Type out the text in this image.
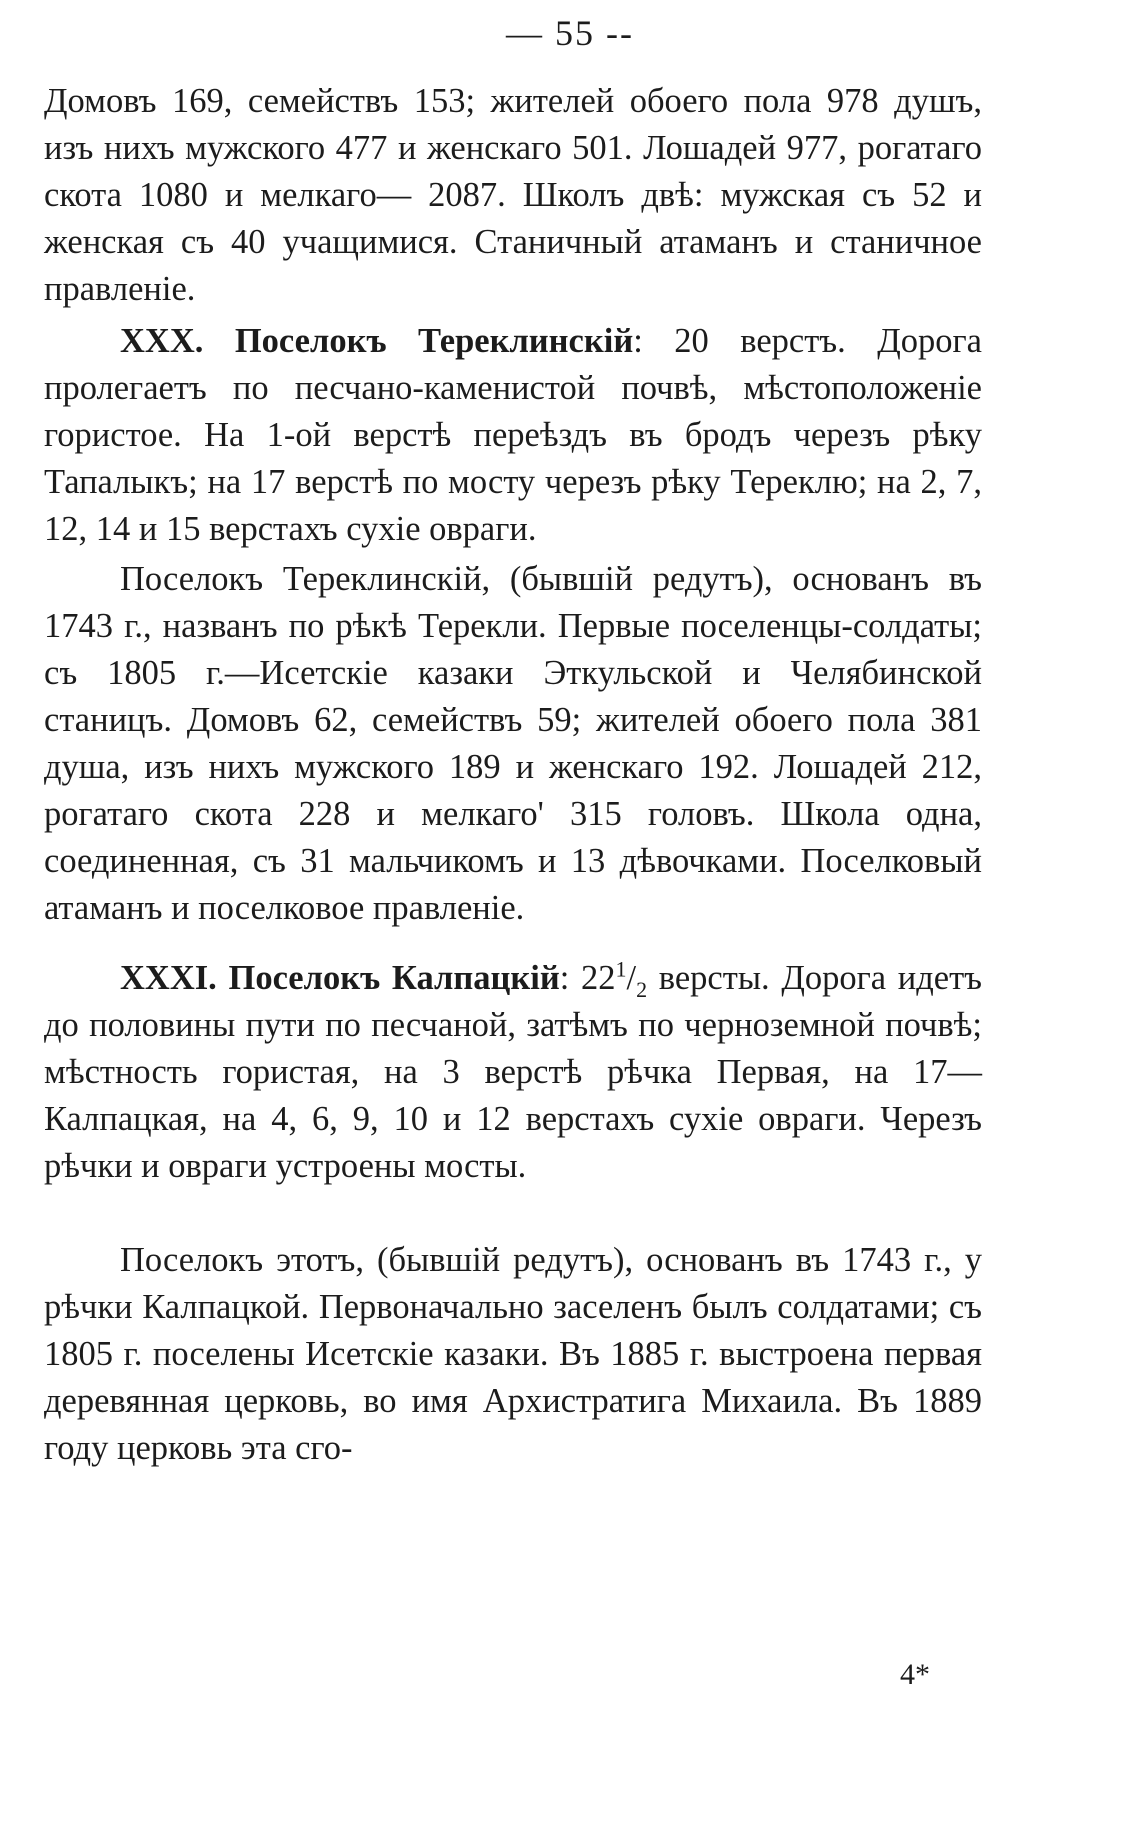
— 55 --

Домовъ 169, семействъ 153; жителей обоего пола 978 душъ, изъ нихъ мужского 477 и женскаго 501. Лошадей 977, рогатаго скота 1080 и мелкаго— 2087. Школъ двѣ: мужская съ 52 и женская съ 40 учащимися. Станичный атаманъ и станичное правленіе.

XXX. Поселокъ Тереклинскій: 20 верстъ. Дорога пролегаетъ по песчано-каменистой почвѣ, мѣстоположеніе гористое. На 1-ой верстѣ переѣздъ въ бродъ черезъ рѣку Тапалыкъ; на 17 верстѣ по мосту черезъ рѣку Тереклю; на 2, 7, 12, 14 и 15 верстахъ сухіе овраги.

Поселокъ Тереклинскій, (бывшій редутъ), основанъ въ 1743 г., названъ по рѣкѣ Терекли. Первые поселенцы-солдаты; съ 1805 г.—Исетскіе казаки Эткульской и Челябинской станицъ. Домовъ 62, семействъ 59; жителей обоего пола 381 душа, изъ нихъ мужского 189 и женскаго 192. Лошадей 212, рогатаго скота 228 и мелкаго' 315 головъ. Школа одна, соединенная, съ 31 мальчикомъ и 13 дѣвочками. Поселковый атаманъ и поселковое правленіе.

XXXI. Поселокъ Калпацкій: $22^1/_2$ версты. Дорога идетъ до половины пути по песчаной, затѣмъ по черноземной почвѣ; мѣстность гористая, на 3 верстѣ рѣчка Первая, на 17—Калпацкая, на 4, 6, 9, 10 и 12 верстахъ сухіе овраги. Черезъ рѣчки и овраги устроены мосты.

Поселокъ этотъ, (бывшій редутъ), основанъ въ 1743 г., у рѣчки Калпацкой. Первоначально заселенъ былъ солдатами; съ 1805 г. поселены Исетскіе казаки. Въ 1885 г. выстроена первая деревянная церковь, во имя Архистратига Михаила. Въ 1889 году церковь эта сго-

4*
